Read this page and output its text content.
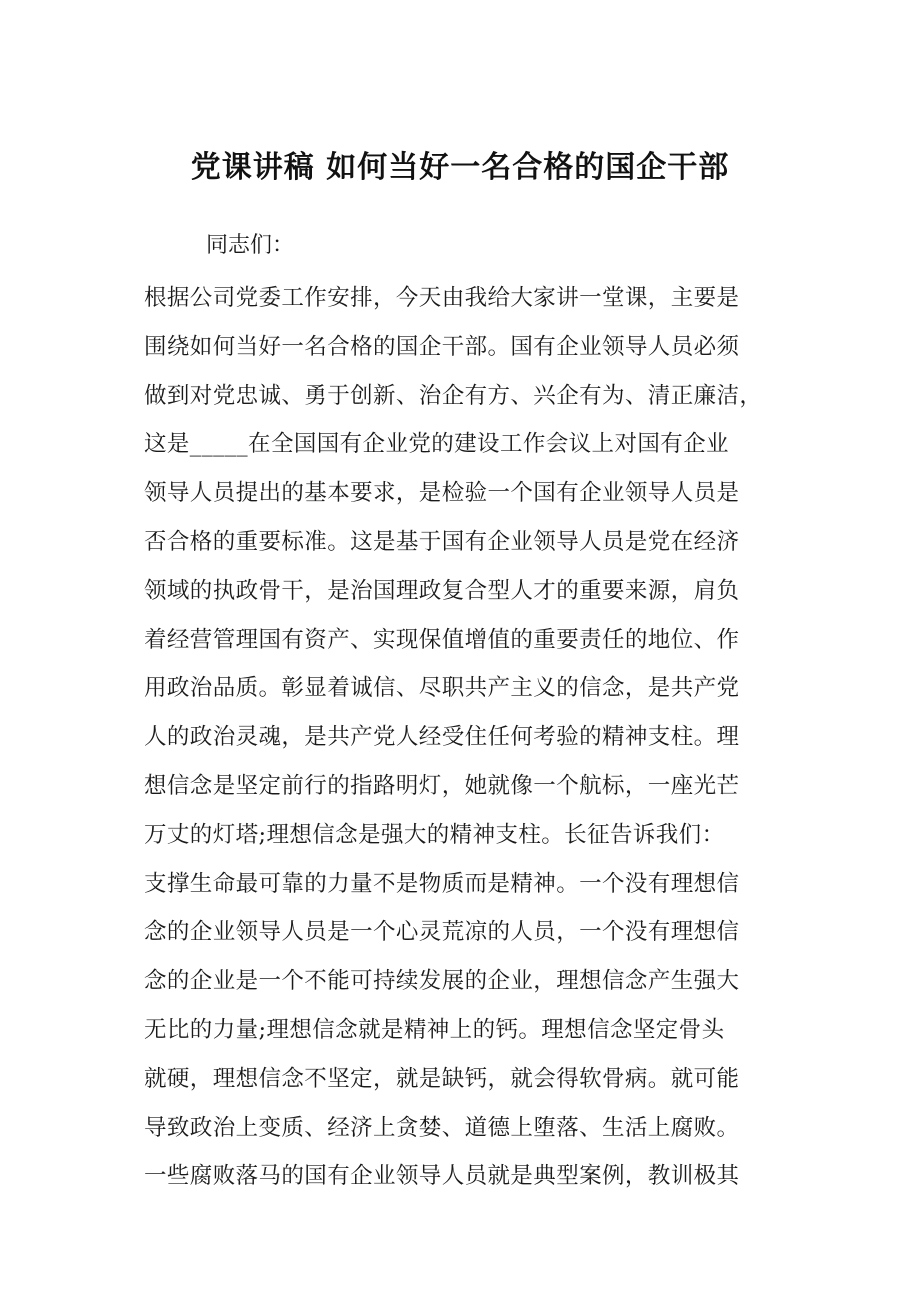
党课讲稿 如何当好一名合格的国企干部

同志们：

根据公司党委工作安排，今天由我给大家讲一堂课，主要是
围绕如何当好一名合格的国企干部。国有企业领导人员必须
做到对党忠诚、勇于创新、治企有方、兴企有为、清正廉洁，
这是_____在全国国有企业党的建设工作会议上对国有企业
领导人员提出的基本要求，是检验一个国有企业领导人员是
否合格的重要标准。这是基于国有企业领导人员是党在经济
领域的执政骨干，是治国理政复合型人才的重要来源，肩负
着经营管理国有资产、实现保值增值的重要责任的地位、作
用政治品质。彰显着诚信、尽职共产主义的信念，是共产党
人的政治灵魂，是共产党人经受住任何考验的精神支柱。理
想信念是坚定前行的指路明灯，她就像一个航标，一座光芒
万丈的灯塔;理想信念是强大的精神支柱。长征告诉我们：
支撑生命最可靠的力量不是物质而是精神。一个没有理想信
念的企业领导人员是一个心灵荒凉的人员，一个没有理想信
念的企业是一个不能可持续发展的企业，理想信念产生强大
无比的力量;理想信念就是精神上的钙。理想信念坚定骨头
就硬，理想信念不坚定，就是缺钙，就会得软骨病。就可能
导致政治上变质、经济上贪婪、道德上堕落、生活上腐败。
一些腐败落马的国有企业领导人员就是典型案例，教训极其
